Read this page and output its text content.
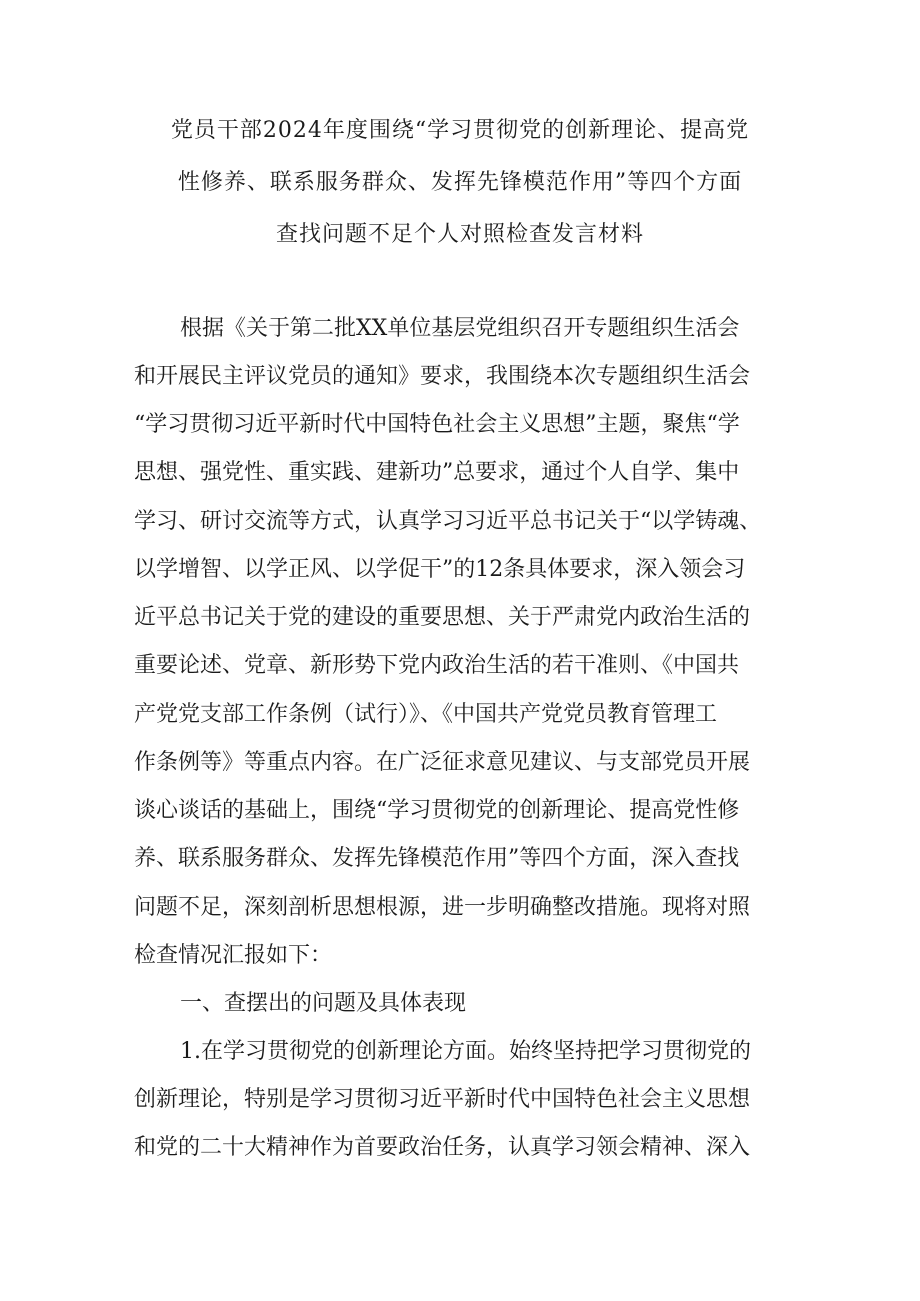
党员干部2024年度围绕“学习贯彻党的创新理论、提高党
性修养、联系服务群众、发挥先锋模范作用”等四个方面
查找问题不足个人对照检查发言材料
根据《关于第二批XX单位基层党组织召开专题组织生活会
和开展民主评议党员的通知》要求，我围绕本次专题组织生活会
“学习贯彻习近平新时代中国特色社会主义思想”主题，聚焦“学
思想、强党性、重实践、建新功”总要求，通过个人自学、集中
学习、研讨交流等方式，认真学习习近平总书记关于“以学铸魂、
以学增智、以学正风、以学促干”的12条具体要求，深入领会习
近平总书记关于党的建设的重要思想、关于严肃党内政治生活的
重要论述、党章、新形势下党内政治生活的若干准则、《中国共
产党党支部工作条例（试行）》、《中国共产党党员教育管理工
作条例等》等重点内容。在广泛征求意见建议、与支部党员开展
谈心谈话的基础上，围绕“学习贯彻党的创新理论、提高党性修
养、联系服务群众、发挥先锋模范作用”等四个方面，深入查找
问题不足，深刻剖析思想根源，进一步明确整改措施。现将对照
检查情况汇报如下：
一、查摆出的问题及具体表现
1.在学习贯彻党的创新理论方面。始终坚持把学习贯彻党的
创新理论，特别是学习贯彻习近平新时代中国特色社会主义思想
和党的二十大精神作为首要政治任务，认真学习领会精神、深入
